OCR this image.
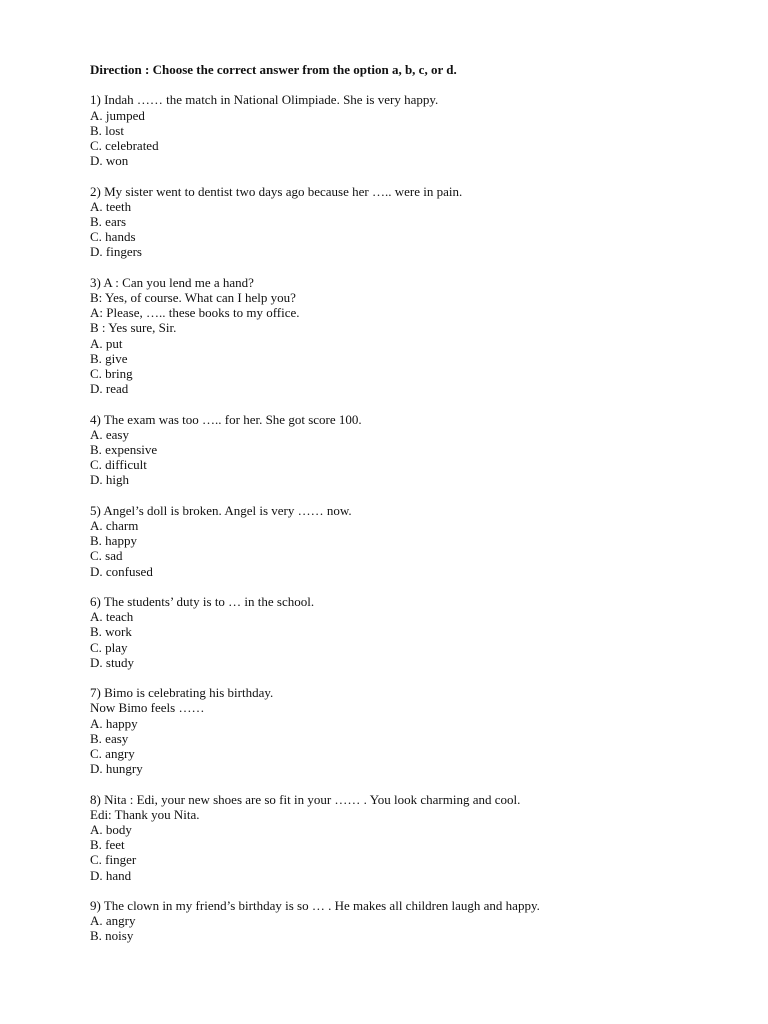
Direction : Choose the correct answer from the option a, b, c, or d.
1) Indah …… the match in National Olimpiade. She is very happy.
A. jumped
B. lost
C. celebrated
D. won
2) My sister went to dentist two days ago because her ….. were in pain.
A. teeth
B. ears
C. hands
D. fingers
3) A : Can you lend me a hand?
B: Yes, of course. What can I help you?
A: Please, ….. these books to my office.
B : Yes sure, Sir.
A. put
B. give
C. bring
D. read
4) The exam was too ….. for her. She got score 100.
A. easy
B. expensive
C. difficult
D. high
5) Angel’s doll is broken. Angel is very …… now.
A. charm
B. happy
C. sad
D. confused
6) The students’ duty is to … in the school.
A. teach
B. work
C. play
D. study
7) Bimo is celebrating his birthday.
Now Bimo feels ……
A. happy
B. easy
C. angry
D. hungry
8) Nita : Edi, your new shoes are so fit in your …… . You look charming and cool.
Edi: Thank you Nita.
A. body
B. feet
C. finger
D. hand
9) The clown in my friend’s birthday is so … . He makes all children laugh and happy.
A. angry
B. noisy
